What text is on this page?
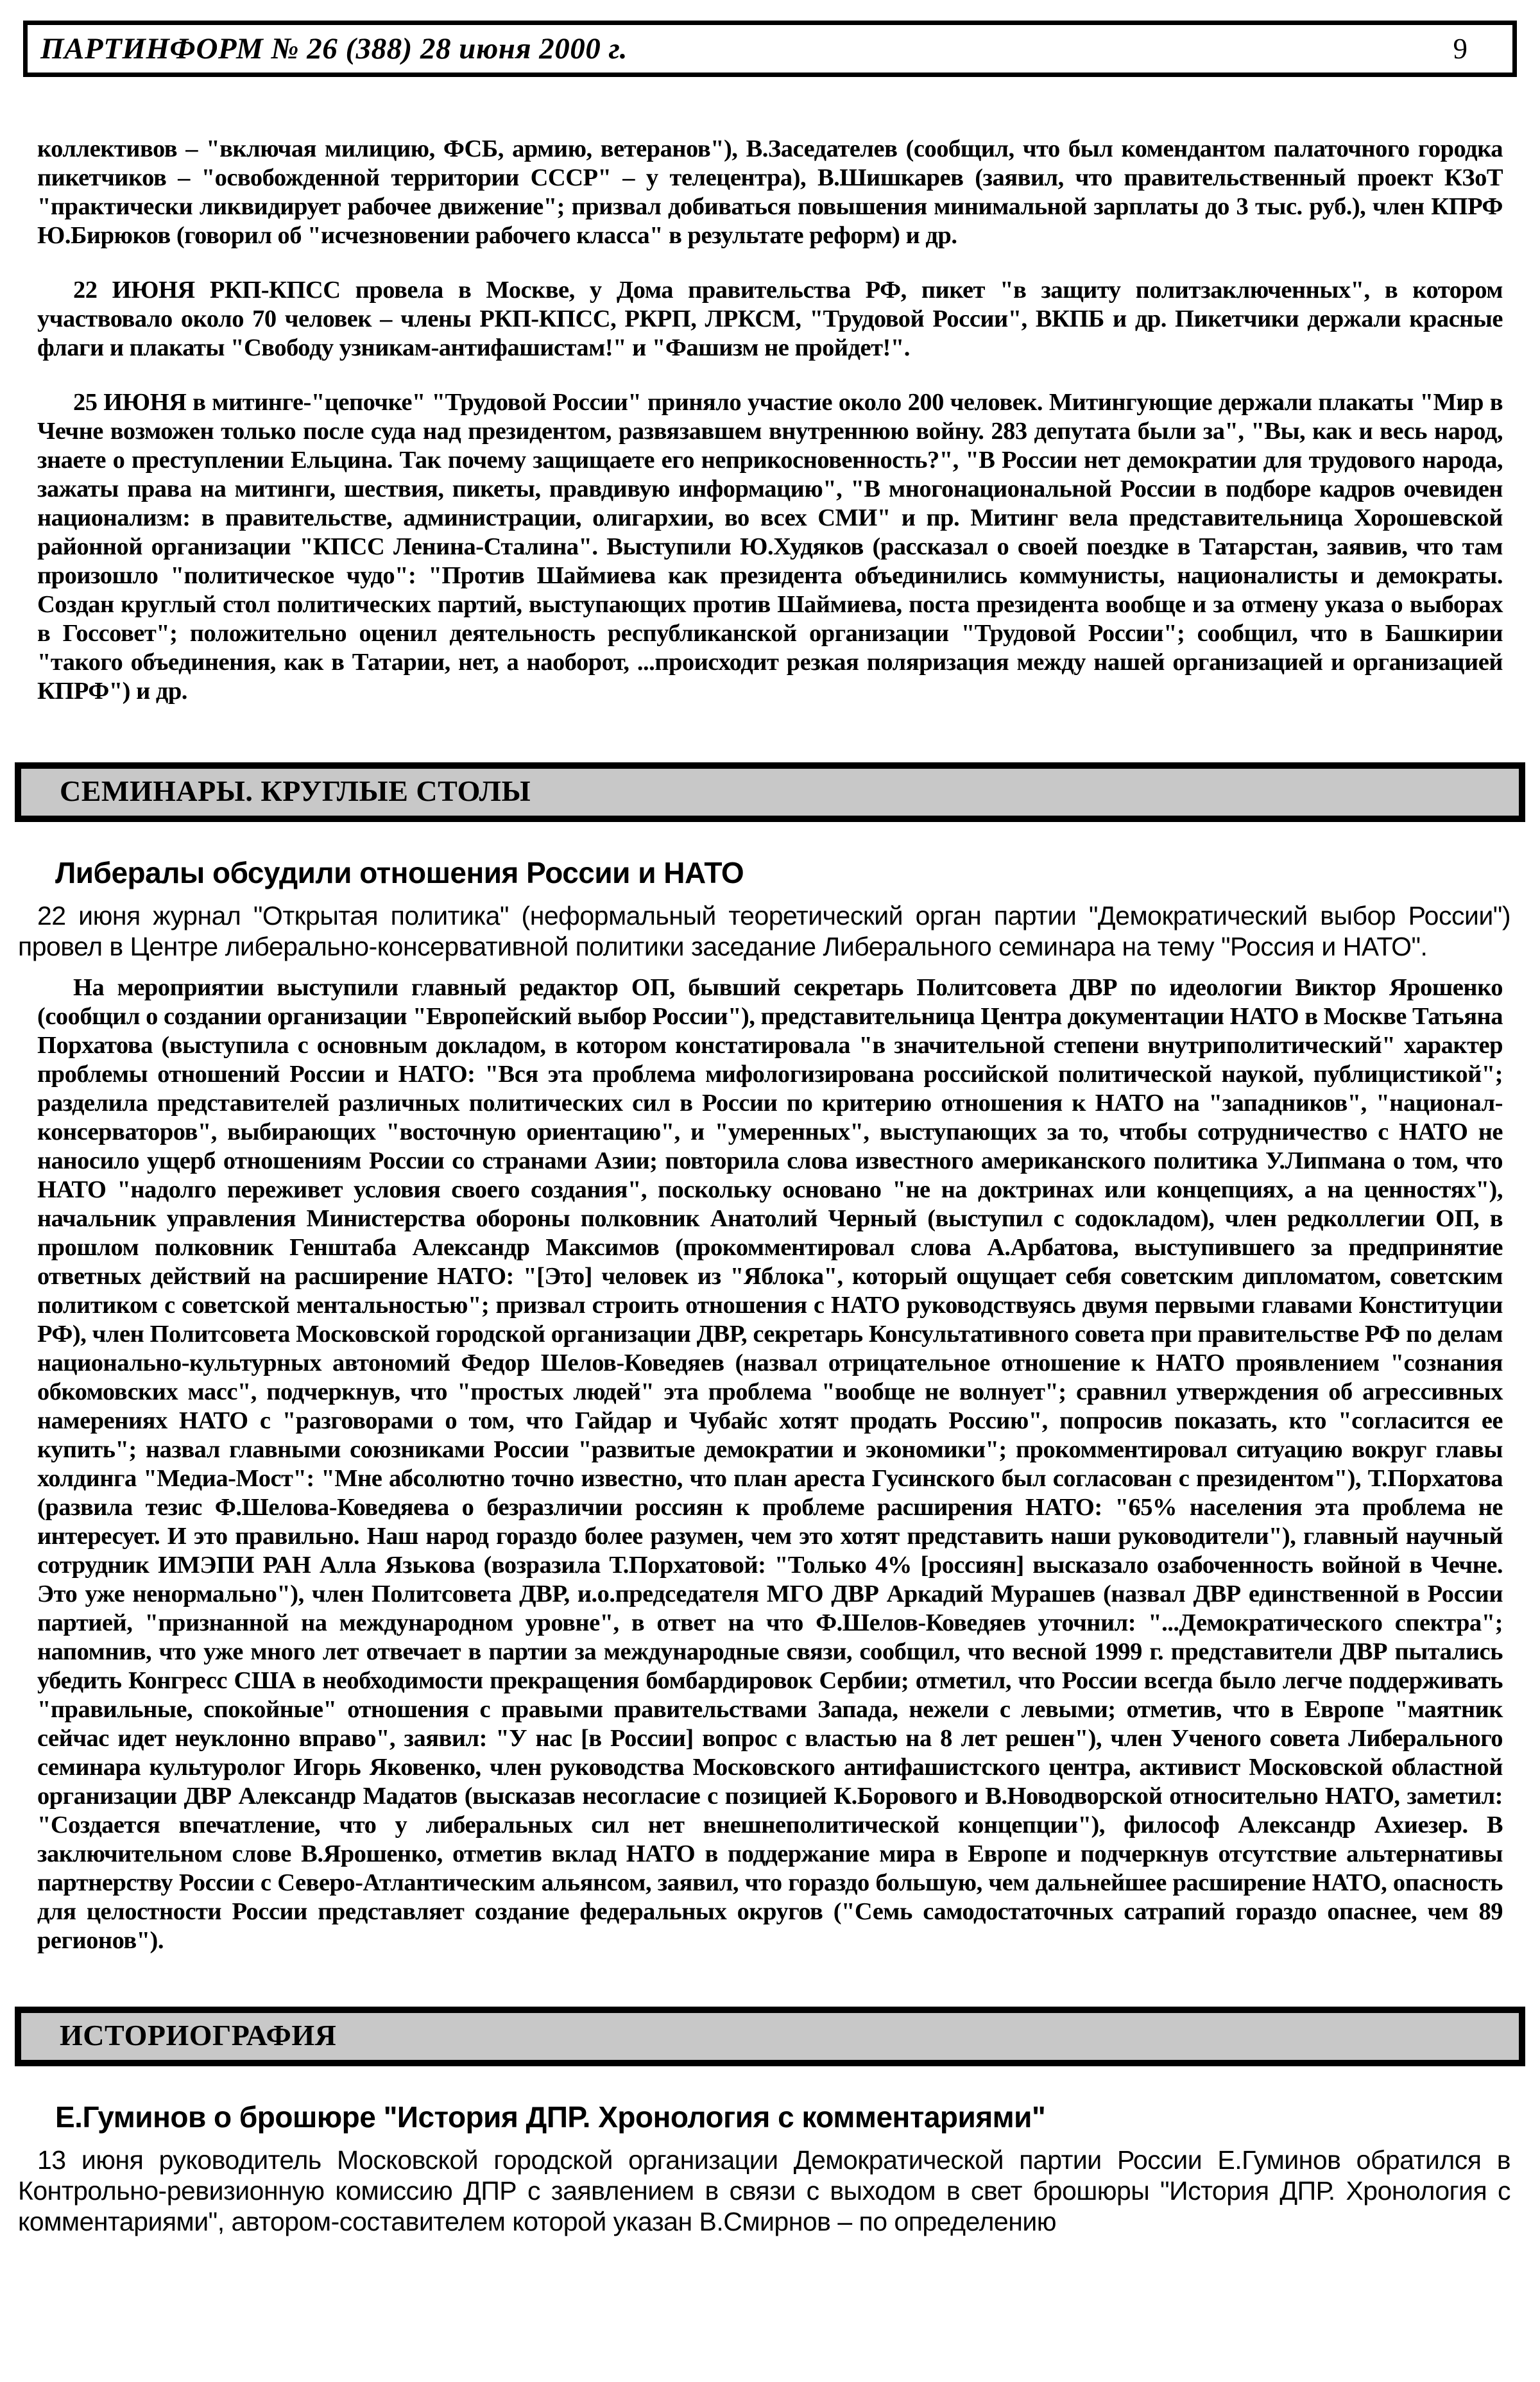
ПАРТИНФОРМ № 26 (388) 28 июня 2000 г.	9

коллективов – "включая милицию, ФСБ, армию, ветеранов"), В.Заседателев (сообщил, что был комендантом палаточного городка пикетчиков – "освобожденной территории СССР" – у телецентра), В.Шишкарев (заявил, что правительственный проект КЗоТ "практически ликвидирует рабочее движение"; призвал добиваться повышения минимальной зарплаты до 3 тыс. руб.), член КПРФ Ю.Бирюков (говорил об "исчезновении рабочего класса" в результате реформ) и др.

22 ИЮНЯ РКП-КПСС провела в Москве, у Дома правительства РФ, пикет "в защиту политзаключенных", в котором участвовало около 70 человек – члены РКП-КПСС, РКРП, ЛРКСМ, "Трудовой России", ВКПБ и др. Пикетчики держали красные флаги и плакаты "Свободу узникам-антифашистам!" и "Фашизм не пройдет!".

25 ИЮНЯ в митинге-"цепочке" "Трудовой России" приняло участие около 200 человек. Митингующие держали плакаты "Мир в Чечне возможен только после суда над президентом, развязавшем внутреннюю войну. 283 депутата были за", "Вы, как и весь народ, знаете о преступлении Ельцина. Так почему защищаете его неприкосновенность?", "В России нет демократии для трудового народа, зажаты права на митинги, шествия, пикеты, правдивую информацию", "В многонациональной России в подборе кадров очевиден национализм: в правительстве, администрации, олигархии, во всех СМИ" и пр. Митинг вела представительница Хорошевской районной организации "КПСС Ленина-Сталина". Выступили Ю.Худяков (рассказал о своей поездке в Татарстан, заявив, что там произошло "политическое чудо": "Против Шаймиева как президента объединились коммунисты, националисты и демократы. Создан круглый стол политических партий, выступающих против Шаймиева, поста президента вообще и за отмену указа о выборах в Госсовет"; положительно оценил деятельность республиканской организации "Трудовой России"; сообщил, что в Башкирии "такого объединения, как в Татарии, нет, а наоборот, ...происходит резкая поляризация между нашей организацией и организацией КПРФ") и др.

СЕМИНАРЫ. КРУГЛЫЕ СТОЛЫ
Либералы обсудили отношения России и НАТО

22 июня журнал "Открытая политика" (неформальный теоретический орган партии "Демократический выбор России") провел в Центре либерально-консервативной политики заседание Либерального семинара на тему "Россия и НАТО".

На мероприятии выступили главный редактор ОП, бывший секретарь Политсовета ДВР по идеологии Виктор Ярошенко (сообщил о создании организации "Европейский выбор России"), представительница Центра документации НАТО в Москве Татьяна Порхатова (выступила с основным докладом, в котором констатировала "в значительной степени внутриполитический" характер проблемы отношений России и НАТО: "Вся эта проблема мифологизирована российской политической наукой, публицистикой"; разделила представителей различных политических сил в России по критерию отношения к НАТО на "западников", "национал-консерваторов", выбирающих "восточную ориентацию", и "умеренных", выступающих за то, чтобы сотрудничество с НАТО не наносило ущерб отношениям России со странами Азии; повторила слова известного американского политика У.Липмана о том, что НАТО "надолго переживет условия своего создания", поскольку основано "не на доктринах или концепциях, а на ценностях"), начальник управления Министерства обороны полковник Анатолий Черный (выступил с содокладом), член редколлегии ОП, в прошлом полковник Генштаба Александр Максимов (прокомментировал слова А.Арбатова, выступившего за предпринятие ответных действий на расширение НАТО: "[Это] человек из "Яблока", который ощущает себя советским дипломатом, советским политиком с советской ментальностью"; призвал строить отношения с НАТО руководствуясь двумя первыми главами Конституции РФ), член Политсовета Московской городской организации ДВР, секретарь Консультативного совета при правительстве РФ по делам национально-культурных автономий Федор Шелов-Коведяев (назвал отрицательное отношение к НАТО проявлением "сознания обкомовских масс", подчеркнув, что "простых людей" эта проблема "вообще не волнует"; сравнил утверждения об агрессивных намерениях НАТО с "разговорами о том, что Гайдар и Чубайс хотят продать Россию", попросив показать, кто "согласится ее купить"; назвал главными союзниками России "развитые демократии и экономики"; прокомментировал ситуацию вокруг главы холдинга "Медиа-Мост": "Мне абсолютно точно известно, что план ареста Гусинского был согласован с президентом"), Т.Порхатова (развила тезис Ф.Шелова-Коведяева о безразличии россиян к проблеме расширения НАТО: "65% населения эта проблема не интересует. И это правильно. Наш народ гораздо более разумен, чем это хотят представить наши руководители"), главный научный сотрудник ИМЭПИ РАН Алла Язькова (возразила Т.Порхатовой: "Только 4% [россиян] высказало озабоченность войной в Чечне. Это уже ненормально"), член Политсовета ДВР, и.о.председателя МГО ДВР Аркадий Мурашев (назвал ДВР единственной в России партией, "признанной на международном уровне", в ответ на что Ф.Шелов-Коведяев уточнил: "...Демократического спектра"; напомнив, что уже много лет отвечает в партии за международные связи, сообщил, что весной 1999 г. представители ДВР пытались убедить Конгресс США в необходимости прекращения бомбардировок Сербии; отметил, что России всегда было легче поддерживать "правильные, спокойные" отношения с правыми правительствами Запада, нежели с левыми; отметив, что в Европе "маятник сейчас идет неуклонно вправо", заявил: "У нас [в России] вопрос с властью на 8 лет решен"), член Ученого совета Либерального семинара культуролог Игорь Яковенко, член руководства Московского антифашистского центра, активист Московской областной организации ДВР Александр Мадатов (высказав несогласие с позицией К.Борового и В.Новодворской относительно НАТО, заметил: "Создается впечатление, что у либеральных сил нет внешнеполитической концепции"), философ Александр Ахиезер. В заключительном слове В.Ярошенко, отметив вклад НАТО в поддержание мира в Европе и подчеркнув отсутствие альтернативы партнерству России с Северо-Атлантическим альянсом, заявил, что гораздо большую, чем дальнейшее расширение НАТО, опасность для целостности России представляет создание федеральных округов ("Семь самодостаточных сатрапий гораздо опаснее, чем 89 регионов").

ИСТОРИОГРАФИЯ
Е.Гуминов о брошюре "История ДПР. Хронология с комментариями"

13 июня руководитель Московской городской организации Демократической партии России Е.Гуминов обратился в Контрольно-ревизионную комиссию ДПР с заявлением в связи с выходом в свет брошюры "История ДПР. Хронология с комментариями", автором-составителем которой указан В.Смирнов – по определению
